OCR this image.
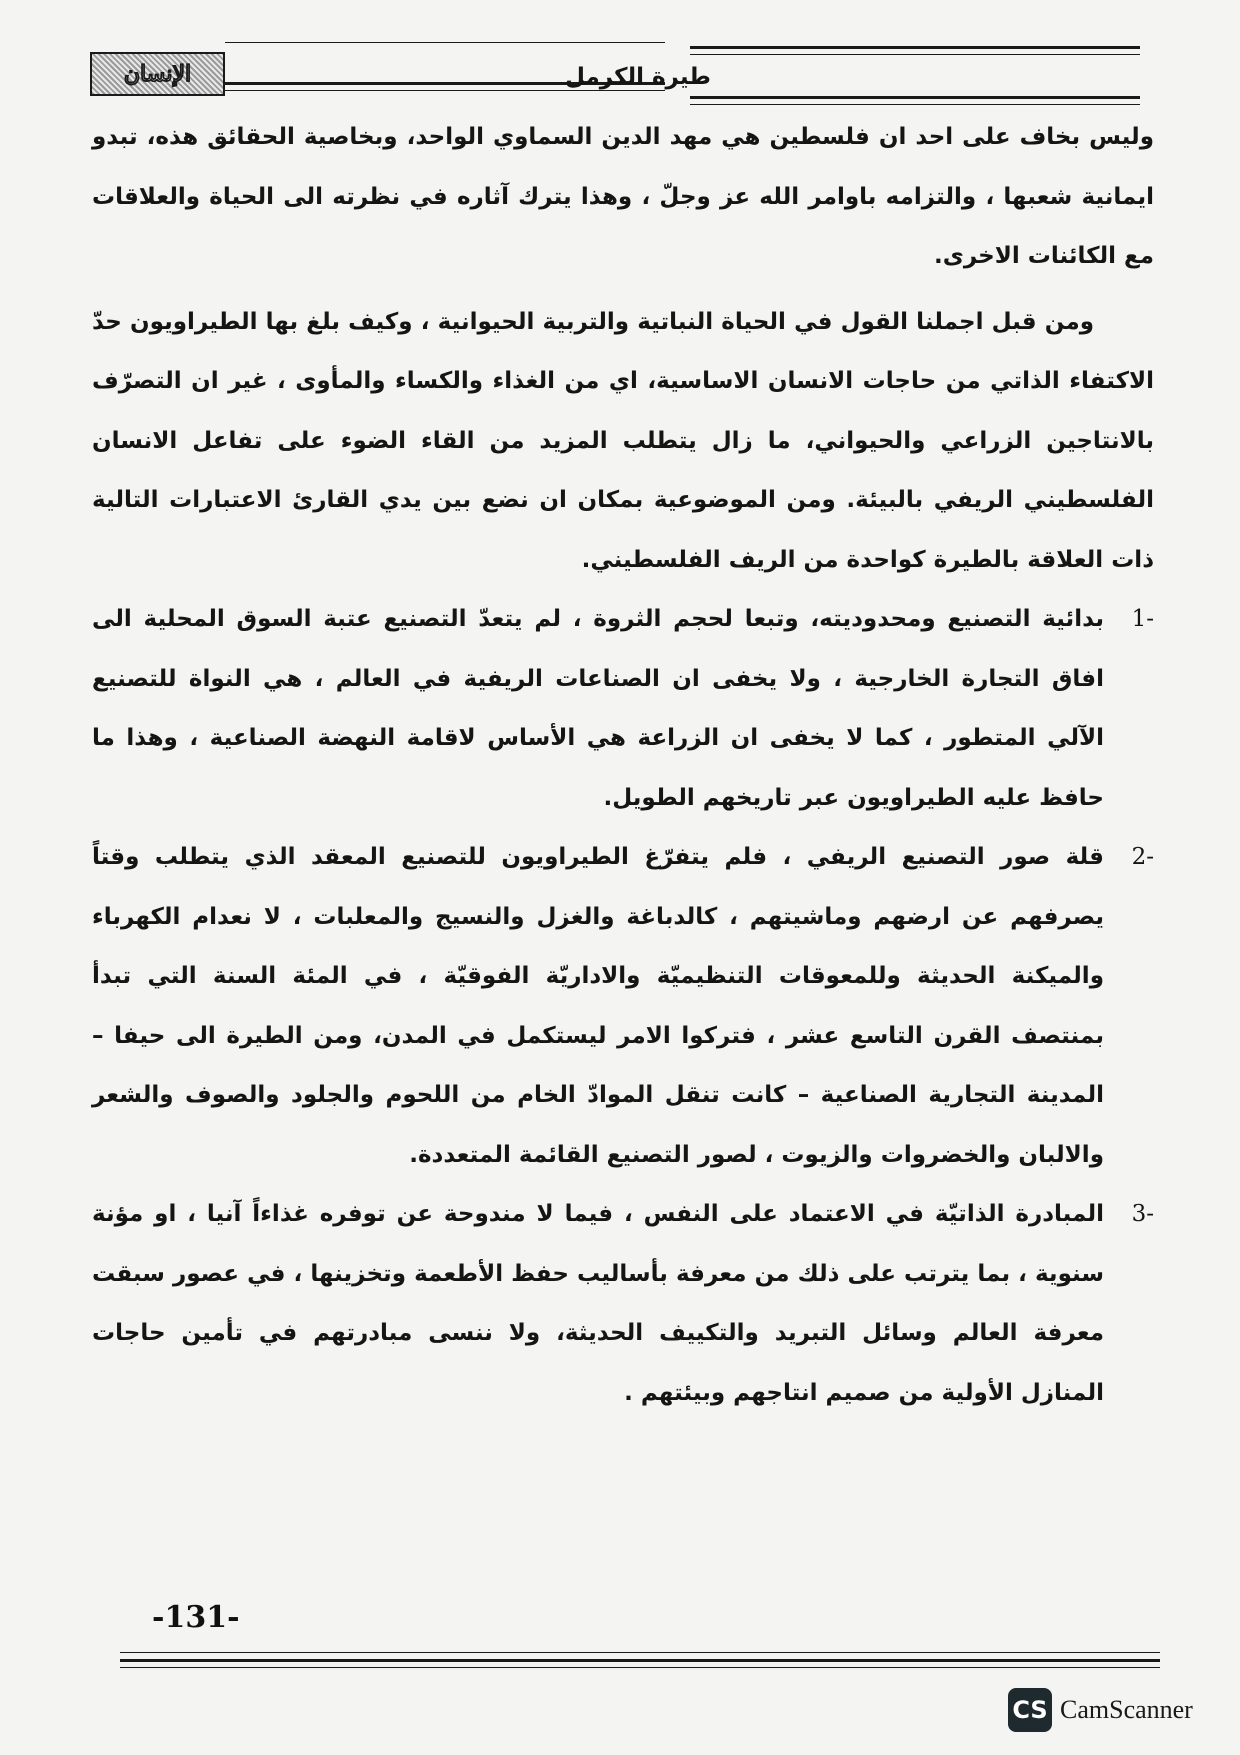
الإنسان	طيرة الكرمل

وليس بخاف على احد ان فلسطين هي مهد الدين السماوي الواحد، وبخاصية الحقائق هذه، تبدو ايمانية شعبها ، والتزامه باوامر الله عز وجلّ ، وهذا يترك آثاره في نظرته الى الحياة والعلاقات مع الكائنات الاخرى.

ومن قبل اجملنا القول في الحياة النباتية والتربية الحيوانية ، وكيف بلغ بها الطيراويون حدّ الاكتفاء الذاتي من حاجات الانسان الاساسية، اي من الغذاء والكساء والمأوى ، غير ان التصرّف بالانتاجين الزراعي والحيواني، ما زال يتطلب المزيد من القاء الضوء على تفاعل الانسان الفلسطيني الريفي بالبيئة. ومن الموضوعية بمكان ان نضع بين يدي القارئ الاعتبارات التالية ذات العلاقة بالطيرة كواحدة من الريف الفلسطيني.

-1
بدائية التصنيع ومحدوديته، وتبعا لحجم الثروة ، لم يتعدّ التصنيع عتبة السوق المحلية الى افاق التجارة الخارجية ، ولا يخفى ان الصناعات الريفية في العالم ، هي النواة للتصنيع الآلي المتطور ، كما لا يخفى ان الزراعة هي الأساس لاقامة النهضة الصناعية ، وهذا ما حافظ عليه الطيراويون عبر تاريخهم الطويل.
-2
قلة صور التصنيع الريفي ، فلم يتفرّغ الطيراويون للتصنيع المعقد الذي يتطلب وقتاً يصرفهم عن ارضهم وماشيتهم ، كالدباغة والغزل والنسيج والمعلبات ، لا نعدام الكهرباء والميكنة الحديثة وللمعوقات التنظيميّة والاداريّة الفوقيّة ، في المئة السنة التي تبدأ بمنتصف القرن التاسع عشر ، فتركوا الامر ليستكمل في المدن، ومن الطيرة الى حيفا –المدينة التجارية الصناعية – كانت تنقل الموادّ الخام من اللحوم والجلود والصوف والشعر والالبان والخضروات والزيوت ، لصور التصنيع القائمة المتعددة.
-3
المبادرة الذاتيّة في الاعتماد على النفس ، فيما لا مندوحة عن توفره غذاءاً آنيا ، او مؤنة سنوية ، بما يترتب على ذلك من معرفة بأساليب حفظ الأطعمة وتخزينها ، في عصور سبقت معرفة العالم وسائل التبريد والتكييف الحديثة، ولا ننسى مبادرتهم في تأمين حاجات المنازل الأولية من صميم انتاجهم وبيئتهم .
-131-
CS CamScanner
